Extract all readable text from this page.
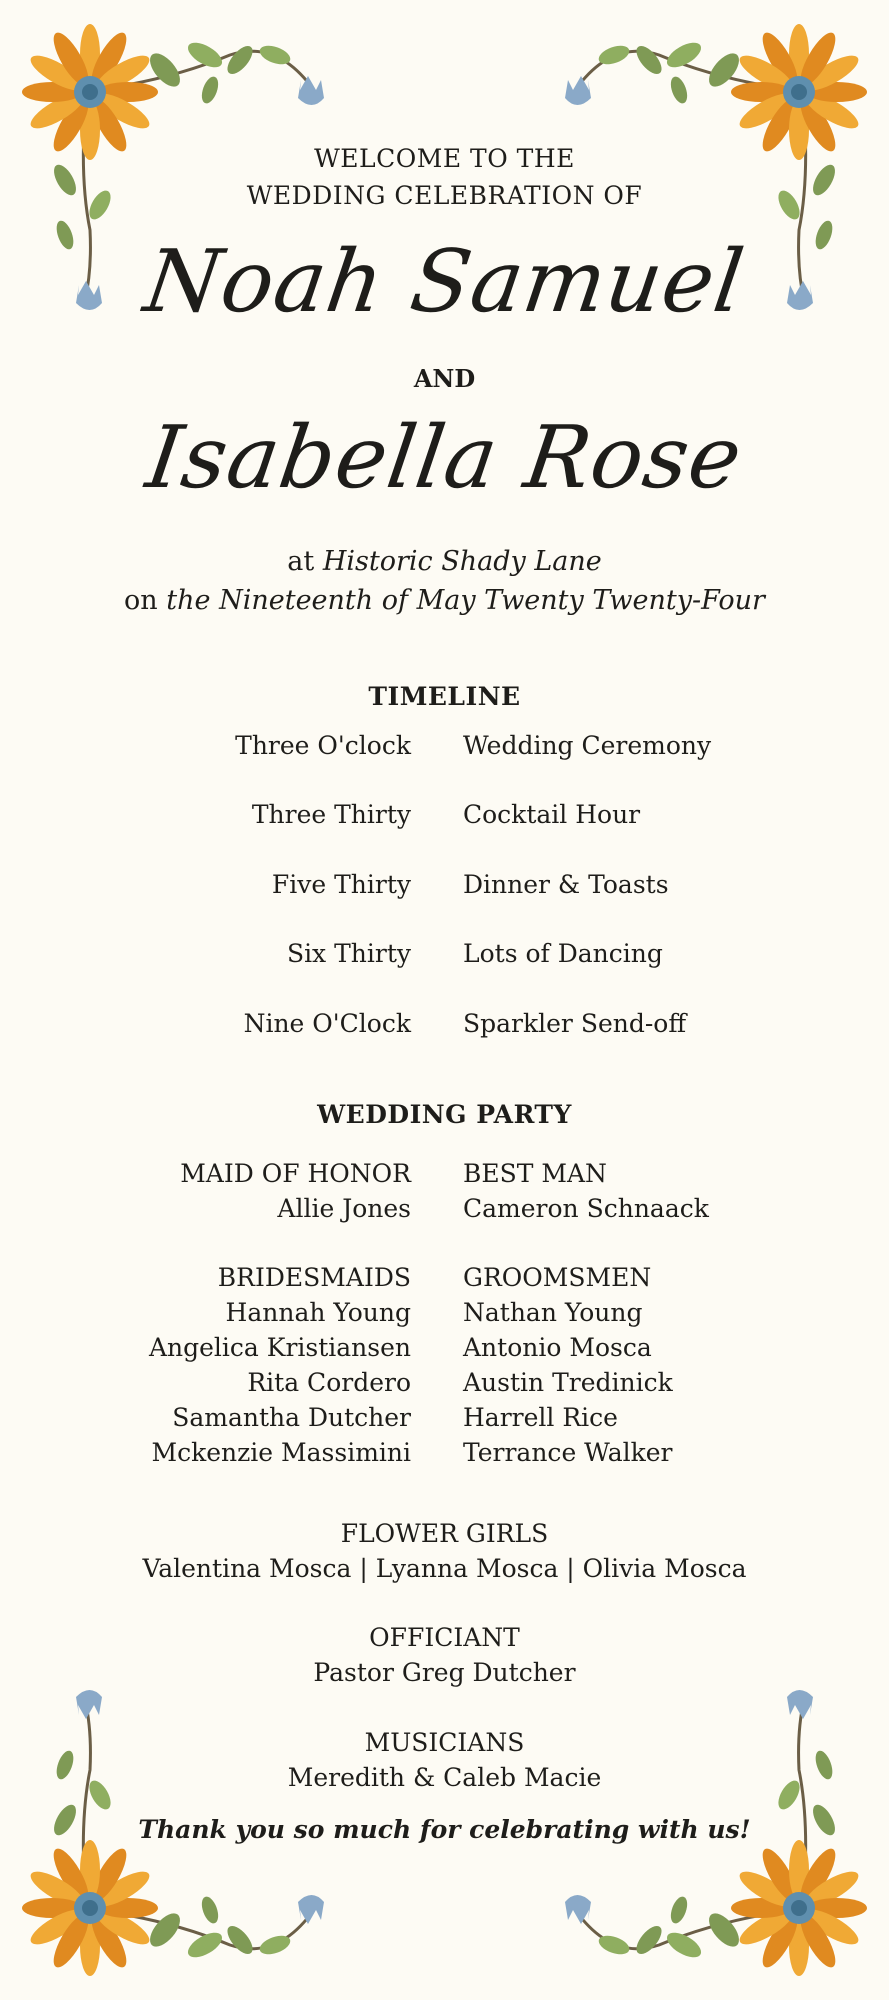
WELCOME TO THE
WEDDING CELEBRATION OF
Noah Samuel
AND
Isabella Rose
at Historic Shady Lane
on the Nineteenth of May Twenty Twenty-Four
TIMELINE
Three O'clock Wedding Ceremony
Three Thirty Cocktail Hour
Five Thirty Dinner & Toasts
Six Thirty Lots of Dancing
Nine O'Clock Sparkler Send-off
WEDDING PARTY
MAID OF HONOR
Allie Jones
BEST MAN
Cameron Schnaack
BRIDESMAIDS
Hannah Young
Angelica Kristiansen
Rita Cordero
Samantha Dutcher
Mckenzie Massimini
GROOMSMEN
Nathan Young
Antonio Mosca
Austin Tredinick
Harrell Rice
Terrance Walker
FLOWER GIRLS
Valentina Mosca | Lyanna Mosca | Olivia Mosca
OFFICIANT
Pastor Greg Dutcher
MUSICIANS
Meredith & Caleb Macie
Thank you so much for celebrating with us!
